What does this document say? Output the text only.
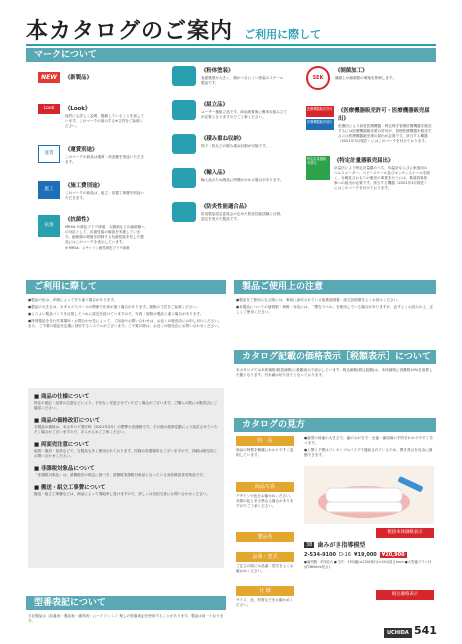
本カタログのご案内 ご利用に際して
マークについて
NEW	《新製品》
Look	《Look》
他頁にも詳しく説明、掲載していることを表しています。このマークの指示する※文頁をご参照ください。
運賃
《運賃別途》
このマークの商品は運賃・荷造費を別途いただきます。
施工
《施工費別途》
このマークの商品は、組立・設置工事費を別途いただきます。
抗菌
《抗菌性》
MRSA や黄色ブドウ球菌、大腸菌などの細菌類への対応として、抗菌性能の確認を実施しています。細菌類の増殖を抑制する抗菌性能を有した製品にはこのマークを表示しています。
※ MRSA：メチシリン耐性黄色ブドウ球菌
《粉体塗装》
表面強度が大きく、傷がつきにくい塗装のスチール製品です。
《組立品》
ユーザー様組立品です。商品到着後に簡単な組み立てが必要となりますのでご了承ください。
《積み重ね収納》
椅子・机などの積み重ね収納が可能です。
《輸入品》
輸入品のため納品に時間がかかる場合があります。
《防炎性能適合品》
防炎製品認定委員会の定めた防炎性能試験に合格、認定を受けた製品です。
SEK
《制菌加工》
繊維上の細菌数の増殖を抑制します。
医療機器販売許可
医療機器販売届出
《医療機器販売許可・医療機器販売届出》
医療法により高度医療機器・特定保守管理医療機器を販売するには医療機器販売業の許可が、管理医療機器を販売するには医療機器販売業の届出が必要です。該当する機器（2021年3月現在）にはこのマークを付けております。
特定計量器販売届出	《特定計量器販売届出》
計量法により特定計量器のうち、体温計ならびに家庭用のヘルスメーター、ベビースケール及びキッチンスケールを除く、分銅及びおもりの販売の事業を行うには、都道府県知事への届出が必要です。該当する機器（2021年3月現在）にはこのマークを付けております。
ご利用に際して	製品ご使用上の注意
●製品の色は、印刷によって多少違う場合があります。
●製品の大きさは、カタログスペースの関係で比率が違う場合があります。規格の寸法をご参照ください。
●よりよい製品づくりを目指してつねに改良を続けていますので、写真・規格が製品と違う場合があります。
●特別製品を含む作業場所・お問合わせ先によって、ご用途やお問い合わせは、お近くの販売店にお申し付けください。また、ご不要の製品を定期に回収するシステムがございます。ご不要の際は、お近くの販売店にお問い合わせください。
■ 商品の仕様について
特注の意匠・品質の注意などにより、予告なく変更させていただく場合がございます。ご購入の際には販売店にご確認ください。
■ 商品の価格改訂について
各製品の価格は、本カタログ発行時（2021年3月）の標準小売価格です。その後の経済変動により改訂させていただく場合がございますので、あらかじめご了承ください。
■ 両面売注意について
地図・施設・仮設などで、当製品も多く使用されております。同様の設置場所もございますので、詳細は販売店にお問い合わせください。
■ 非課税対象品について
「非課税対象品」は、消費税法の規定に基づき、消費税非課税対象品となっている身体障害者用物品です。
■ 搬送・組立工事費について
搬送・組立工事費などは、商品によって現地申し受けますので、詳しくは各担当者にお問い合わせください。
●製品をご使用になる際には、事前に添付されている取扱説明書・組立説明書をよくお読みください。
●本製品についての諸規制・事務・対応には、「警告ラベル」を使用している場合がありますが、必ずよくお読みの上、正しくご使用ください。
カタログ記載の価格表示［税額表示］について
本カタログでは本体価格(税抜価格)と税額表示で表示しています。税込価格(税込総額)は、本体価格に消費税10%を加算した額となります。円未満は切り捨てとなっております。
カタログの見方
特　長
商品の特徴を簡潔にわかりやすく説明しています。
●歯型の前歯の大きさで、歯のみがき方・虫歯・歯周病の予防をわかりやすく学べます。
●上顎と下顎はフレキシブルパイプで連結されているため、開き具合を自由に調節できます。
商品写真
デザインや色をお確かめください。実際の色と多少異なる場合がありますのでご了承ください。
税抜本体価格表示
製品名
38 歯みがき指導模型
品番・型式
ご注文の際には品番・型式をよくお確かめください。
2-534-9100 D-16 ¥19,000	¥20,900
●歯列数：約3倍大 ●寸法：170(幅)×220(奥行)×120(高さ)mm ●大型歯ブラシ付(約365mm長さ)
仕 様
サイズ、色、材質などをお確かめください。
税込価格表示
型番表記について
当社製品は（品番表・製品表・識別表）にハイフン（–）無しの型番表記を使用することがあります。製品は同一となります。
UCHIDA 541
